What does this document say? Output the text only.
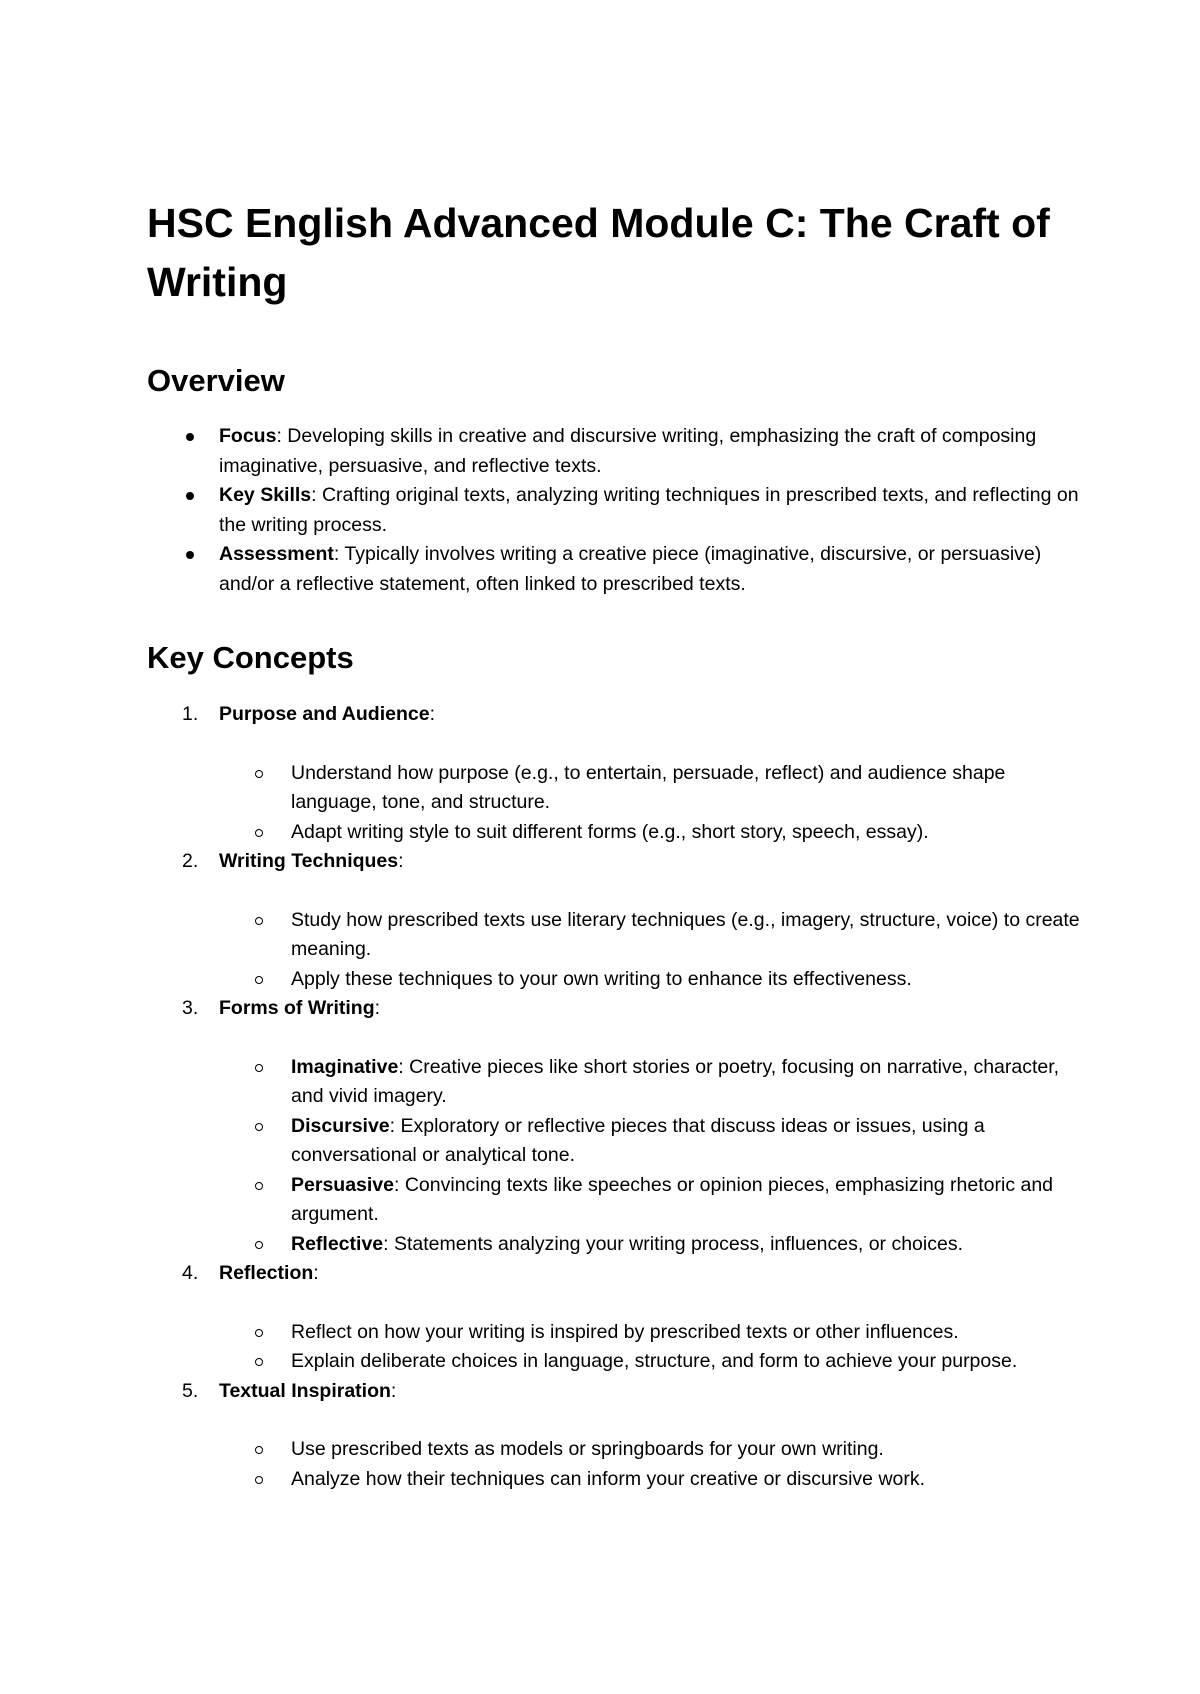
HSC English Advanced Module C: The Craft of Writing
Overview
Focus: Developing skills in creative and discursive writing, emphasizing the craft of composing imaginative, persuasive, and reflective texts.
Key Skills: Crafting original texts, analyzing writing techniques in prescribed texts, and reflecting on the writing process.
Assessment: Typically involves writing a creative piece (imaginative, discursive, or persuasive) and/or a reflective statement, often linked to prescribed texts.
Key Concepts
1. Purpose and Audience:
Understand how purpose (e.g., to entertain, persuade, reflect) and audience shape language, tone, and structure.
Adapt writing style to suit different forms (e.g., short story, speech, essay).
2. Writing Techniques:
Study how prescribed texts use literary techniques (e.g., imagery, structure, voice) to create meaning.
Apply these techniques to your own writing to enhance its effectiveness.
3. Forms of Writing:
Imaginative: Creative pieces like short stories or poetry, focusing on narrative, character, and vivid imagery.
Discursive: Exploratory or reflective pieces that discuss ideas or issues, using a conversational or analytical tone.
Persuasive: Convincing texts like speeches or opinion pieces, emphasizing rhetoric and argument.
Reflective: Statements analyzing your writing process, influences, or choices.
4. Reflection:
Reflect on how your writing is inspired by prescribed texts or other influences.
Explain deliberate choices in language, structure, and form to achieve your purpose.
5. Textual Inspiration:
Use prescribed texts as models or springboards for your own writing.
Analyze how their techniques can inform your creative or discursive work.
